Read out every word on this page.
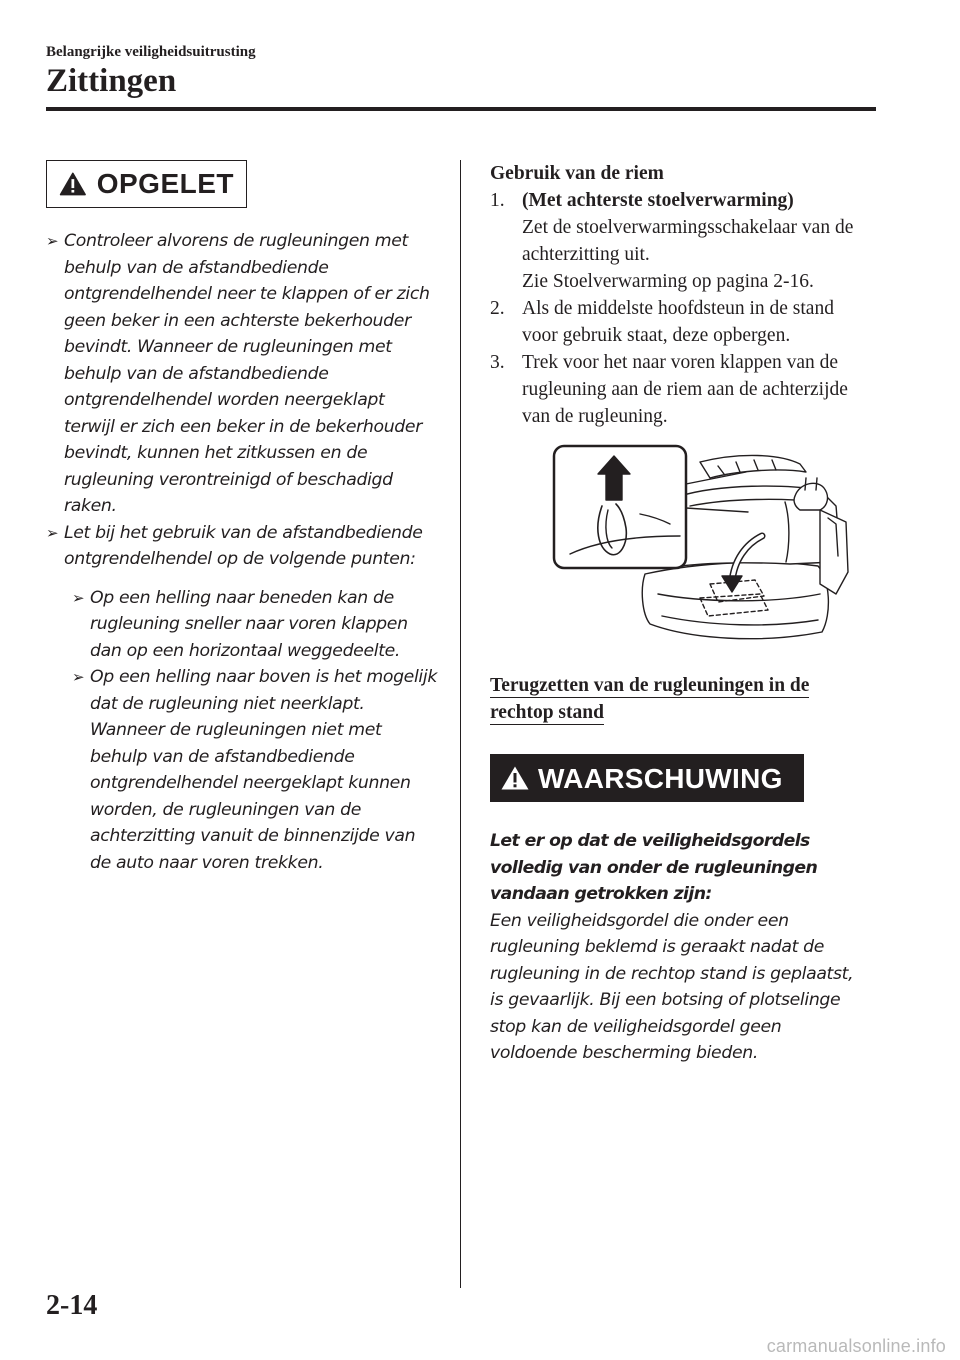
Belangrijke veiligheidsuitrusting
Zittingen
OPGELET

➢ Controleer alvorens de rugleuningen met behulp van de afstandbediende ontgrendelhendel neer te klappen of er zich geen beker in een achterste bekerhouder bevindt. Wanneer de rugleuningen met behulp van de afstandbediende ontgrendelhendel worden neergeklapt terwijl er zich een beker in de bekerhouder bevindt, kunnen het zitkussen en de rugleuning verontreinigd of beschadigd raken.

➢ Let bij het gebruik van de afstandbediende ontgrendelhendel op de volgende punten:

➢ Op een helling naar beneden kan de rugleuning sneller naar voren klappen dan op een horizontaal weggedeelte.

➢ Op een helling naar boven is het mogelijk dat de rugleuning niet neerklapt. Wanneer de rugleuningen niet met behulp van de afstandbediende ontgrendelhendel neergeklapt kunnen worden, de rugleuningen van de achterzitting vanuit de binnenzijde van de auto naar voren trekken.

Gebruik van de riem

1. (Met achterste stoelverwarming)
Zet de stoelverwarmingsschakelaar van de achterzitting uit.
Zie Stoelverwarming op pagina 2-16.
2. Als de middelste hoofdsteun in de stand voor gebruik staat, deze opbergen.
3. Trek voor het naar voren klappen van de rugleuning aan de riem aan de achterzijde van de rugleuning.

Terugzetten van de rugleuningen in de rechtop stand

WAARSCHUWING
Let er op dat de veiligheidsgordels volledig van onder de rugleuningen vandaan getrokken zijn:
Een veiligheidsgordel die onder een rugleuning beklemd is geraakt nadat de rugleuning in de rechtop stand is geplaatst, is gevaarlijk. Bij een botsing of plotselinge stop kan de veiligheidsgordel geen voldoende bescherming bieden.
2-14
carmanualsonline.info
